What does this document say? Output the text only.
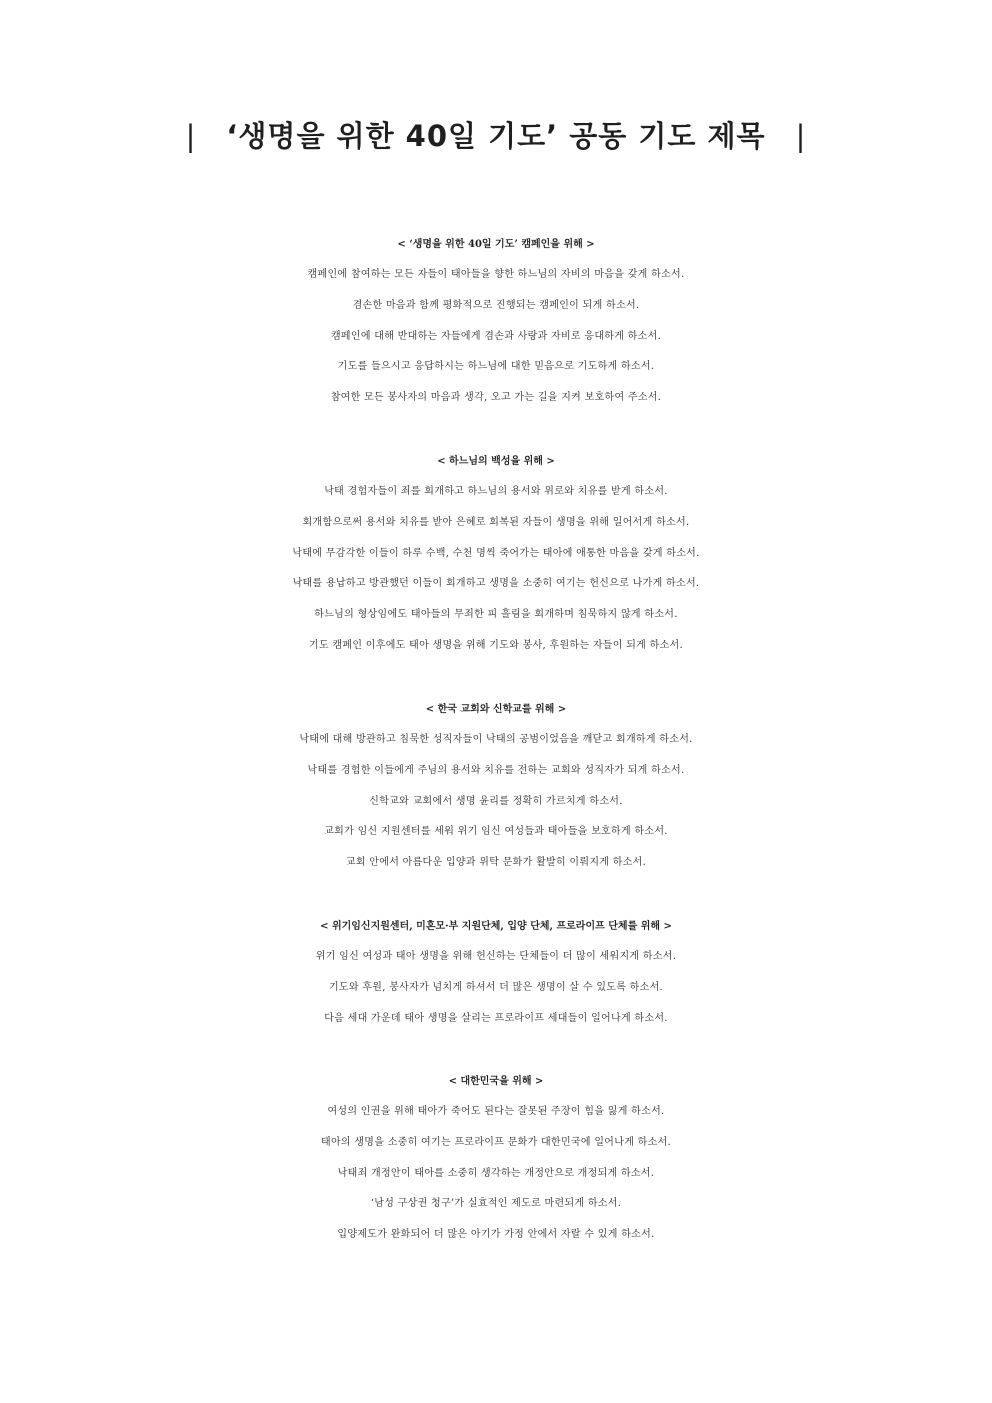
| ‘생명을 위한 40일 기도’ 공동 기도 제목 |
< ‘생명을 위한 40일 기도’ 캠페인을 위해 >
캠페인에 참여하는 모든 자들이 태아들을 향한 하느님의 자비의 마음을 갖게 하소서.
겸손한 마음과 함께 평화적으로 진행되는 캠페인이 되게 하소서.
캠페인에 대해 반대하는 자들에게 겸손과 사랑과 자비로 응대하게 하소서.
기도를 들으시고 응답하시는 하느님에 대한 믿음으로 기도하게 하소서.
참여한 모든 봉사자의 마음과 생각, 오고 가는 길을 지켜 보호하여 주소서.
< 하느님의 백성을 위해 >
낙태 경험자들이 죄를 회개하고 하느님의 용서와 위로와 치유를 받게 하소서.
회개함으로써 용서와 치유를 받아 은혜로 회복된 자들이 생명을 위해 일어서게 하소서.
낙태에 무감각한 이들이 하루 수백, 수천 명씩 죽어가는 태아에 애통한 마음을 갖게 하소서.
낙태를 용납하고 방관했던 이들이 회개하고 생명을 소중히 여기는 헌신으로 나가게 하소서.
하느님의 형상임에도 태아들의 무죄한 피 흘림을 회개하며 침묵하지 않게 하소서.
기도 캠페인 이후에도 태아 생명을 위해 기도와 봉사, 후원하는 자들이 되게 하소서.
< 한국 교회와 신학교를 위해 >
낙태에 대해 방관하고 침묵한 성직자들이 낙태의 공범이었음을 깨닫고 회개하게 하소서.
낙태를 경험한 이들에게 주님의 용서와 치유를 전하는 교회와 성직자가 되게 하소서.
신학교와 교회에서 생명 윤리를 정확히 가르치게 하소서.
교회가 임신 지원센터를 세워 위기 임신 여성들과 태아들을 보호하게 하소서.
교회 안에서 아름다운 입양과 위탁 문화가 활발히 이뤄지게 하소서.
< 위기임신지원센터, 미혼모·부 지원단체, 입양 단체, 프로라이프 단체를 위해 >
위기 임신 여성과 태아 생명을 위해 헌신하는 단체들이 더 많이 세워지게 하소서.
기도와 후원, 봉사자가 넘치게 하셔서 더 많은 생명이 살 수 있도록 하소서.
다음 세대 가운데 태아 생명을 살리는 프로라이프 세대들이 일어나게 하소서.
< 대한민국을 위해 >
여성의 인권을 위해 태아가 죽어도 된다는 잘못된 주장이 힘을 잃게 하소서.
태아의 생명을 소중히 여기는 프로라이프 문화가 대한민국에 일어나게 하소서.
낙태죄 개정안이 태아를 소중히 생각하는 개정안으로 개정되게 하소서.
‘남성 구상권 청구’가 실효적인 제도로 마련되게 하소서.
입양제도가 완화되어 더 많은 아기가 가정 안에서 자랄 수 있게 하소서.
